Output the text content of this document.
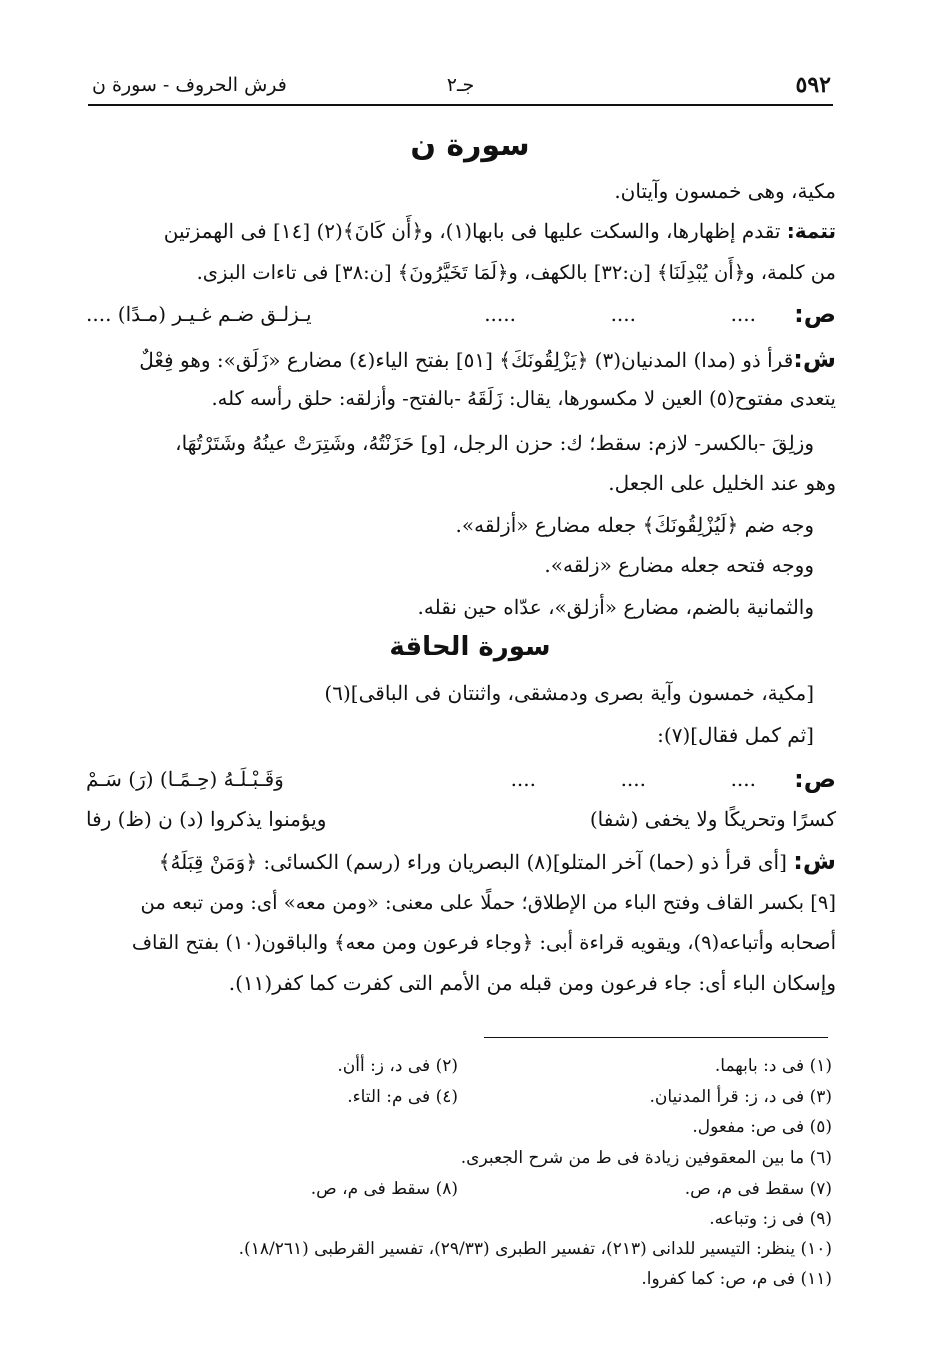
٥٩٢
جـ٢
فرش الحروف - سورة ن
سورة ن
مكية، وهى خمسون وآيتان.
تتمة: تقدم إظهارها، والسكت عليها فى بابها(١)، و﴿أَن كَانَ﴾(٢) [١٤] فى الهمزتين
من كلمة، و﴿أَن يُبْدِلَنَا﴾ [ن:٣٢] بالكهف، و﴿لَمَا تَخَيَّرُونَ﴾ [ن:٣٨] فى تاءات البزى.
ص:
....
....
.....
يـزلـق ضـم غـيـر (مـدًا) ....
ش:قرأ ذو (مدا) المدنيان(٣) ﴿يَزْلِقُونَكَ﴾ [٥١] بفتح الياء(٤) مضارع «زَلَق»: وهو فِعْلٌ
يتعدى مفتوح(٥) العين لا مكسورها، يقال: زَلَقَهُ -بالفتح- وأزلقه: حلق رأسه كله.
وزلِقَ -بالكسر- لازم: سقط؛ ك: حزن الرجل، [و] حَزَنْتُهُ، وشَتِرَتْ عينُهُ وشَتَرْتُهَا،
وهو عند الخليل على الجعل.
وجه ضم ﴿لَيُزْلِقُونَكَ﴾ جعله مضارع «أزلقه».
ووجه فتحه جعله مضارع «زلقه».
والثمانية بالضم، مضارع «أزلق»، عدّاه حين نقله.
سورة الحاقة
[مكية، خمسون وآية بصرى ودمشقى، واثنتان فى الباقى](٦)
[ثم كمل فقال](٧):
ص:
....
....
....
وَقَـبْـلَـهُ (حِـمًـا) (رَ) سَـمْ
كسرًا وتحريكًا ولا يخفى (شفا)
ويؤمنوا يذكروا (د) ن (ظ) رفا
ش: [أى قرأ ذو (حما) آخر المتلو](٨) البصريان وراء (رسم) الكسائى: ﴿وَمَنْ قِبَلَهُ﴾
[٩] بكسر القاف وفتح الباء من الإطلاق؛ حملًا على معنى: «ومن معه» أى: ومن تبعه من
أصحابه وأتباعه(٩)، ويقويه قراءة أبى: ﴿وجاء فرعون ومن معه﴾ والباقون(١٠) بفتح القاف
وإسكان الباء أى: جاء فرعون ومن قبله من الأمم التى كفرت كما كفر(١١).
(١) فى د: بابهما.
(٢) فى د، ز: أأن.
(٣) فى د، ز: قرأ المدنيان.
(٤) فى م: التاء.
(٥) فى ص: مفعول.
(٦) ما بين المعقوفين زيادة فى ط من شرح الجعبرى.
(٧) سقط فى م، ص.
(٨) سقط فى م، ص.
(٩) فى ز: وتباعه.
(١٠) ينظر: التيسير للدانى (٢١٣)، تفسير الطبرى (٢٩/٣٣)، تفسير القرطبى (١٨/٢٦١).
(١١) فى م، ص: كما كفروا.
